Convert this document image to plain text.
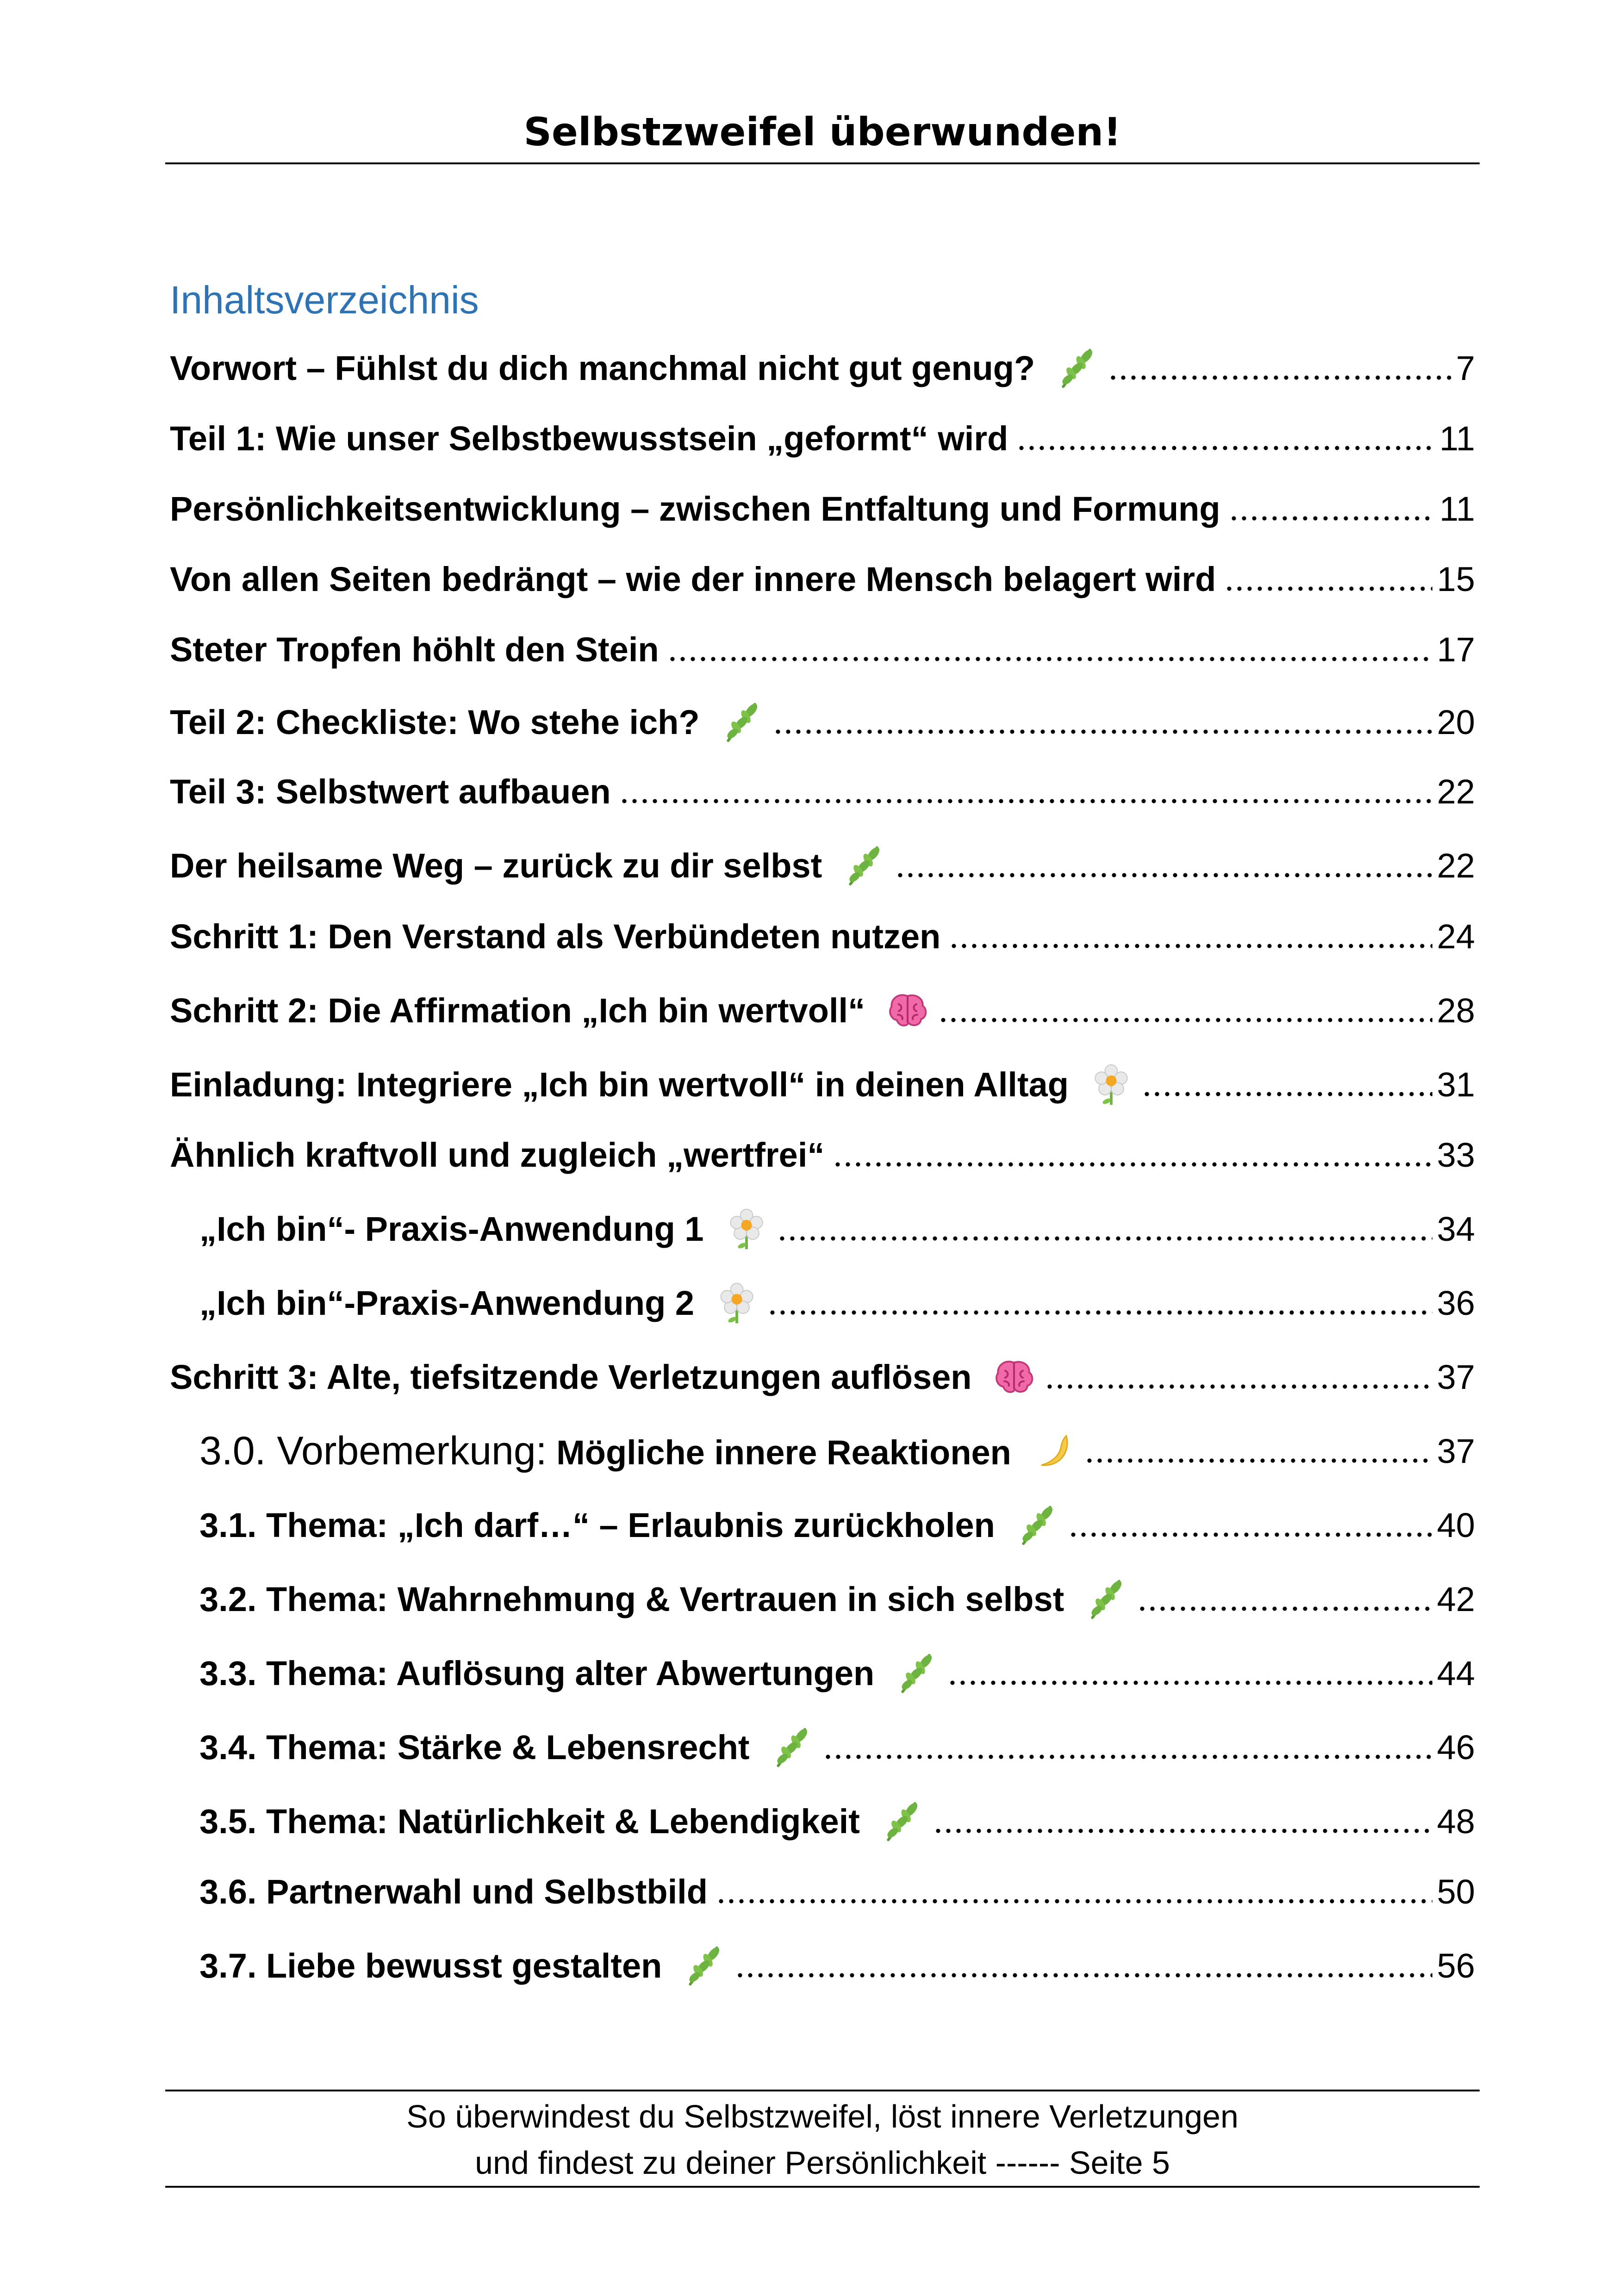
Selbstzweifel überwunden!
Inhaltsverzeichnis
Vorwort – Fühlst du dich manchmal nicht gut genug?	7
Teil 1: Wie unser Selbstbewusstsein „geformt“ wird	11
Persönlichkeitsentwicklung – zwischen Entfaltung und Formung	11
Von allen Seiten bedrängt – wie der innere Mensch belagert wird	15
Steter Tropfen höhlt den Stein	17
Teil 2: Checkliste: Wo stehe ich?	20
Teil 3: Selbstwert aufbauen	22
Der heilsame Weg – zurück zu dir selbst	22
Schritt 1: Den Verstand als Verbündeten nutzen	24
Schritt 2: Die Affirmation „Ich bin wertvoll“	28
Einladung: Integriere „Ich bin wertvoll“ in deinen Alltag	31
Ähnlich kraftvoll und zugleich „wertfrei“	33
„Ich bin“- Praxis-Anwendung 1	34
„Ich bin“-Praxis-Anwendung 2	36
Schritt 3: Alte, tiefsitzende Verletzungen auflösen	37
3.0. Vorbemerkung: Mögliche innere Reaktionen	37
3.1. Thema: „Ich darf…“ – Erlaubnis zurückholen	40
3.2. Thema: Wahrnehmung & Vertrauen in sich selbst	42
3.3. Thema: Auflösung alter Abwertungen	44
3.4. Thema: Stärke & Lebensrecht	46
3.5. Thema: Natürlichkeit & Lebendigkeit	48
3.6. Partnerwahl und Selbstbild	50
3.7. Liebe bewusst gestalten	56
So überwindest du Selbstzweifel, löst innere Verletzungen
und findest zu deiner Persönlichkeit ------ Seite 5
